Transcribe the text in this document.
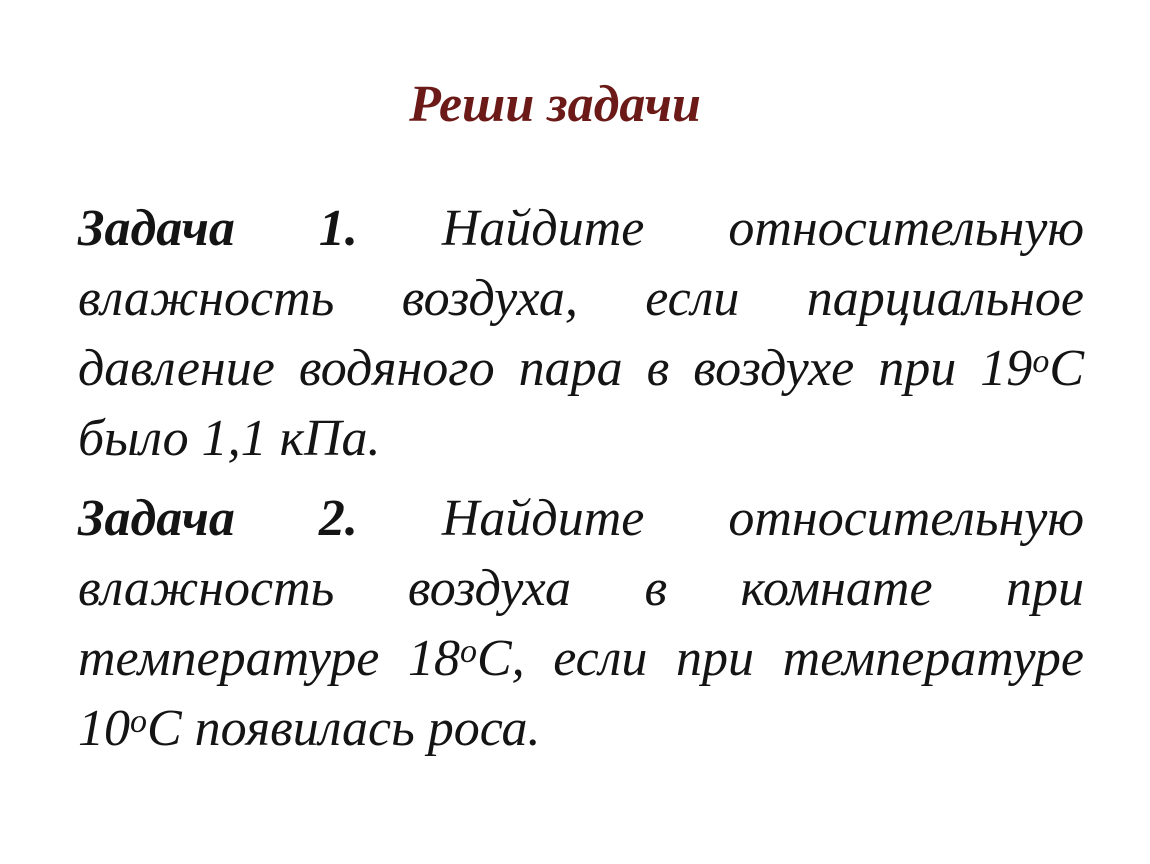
Реши задачи

Задача 1. Найдите относительную влажность воздуха, если парциальное давление водяного пара в воздухе при $19^оС$ было 1,1 кПа.

Задача 2. Найдите относительную влажность воздуха в комнате при температуре $18^оС$, если при температуре $10^оС$ появилась роса.
